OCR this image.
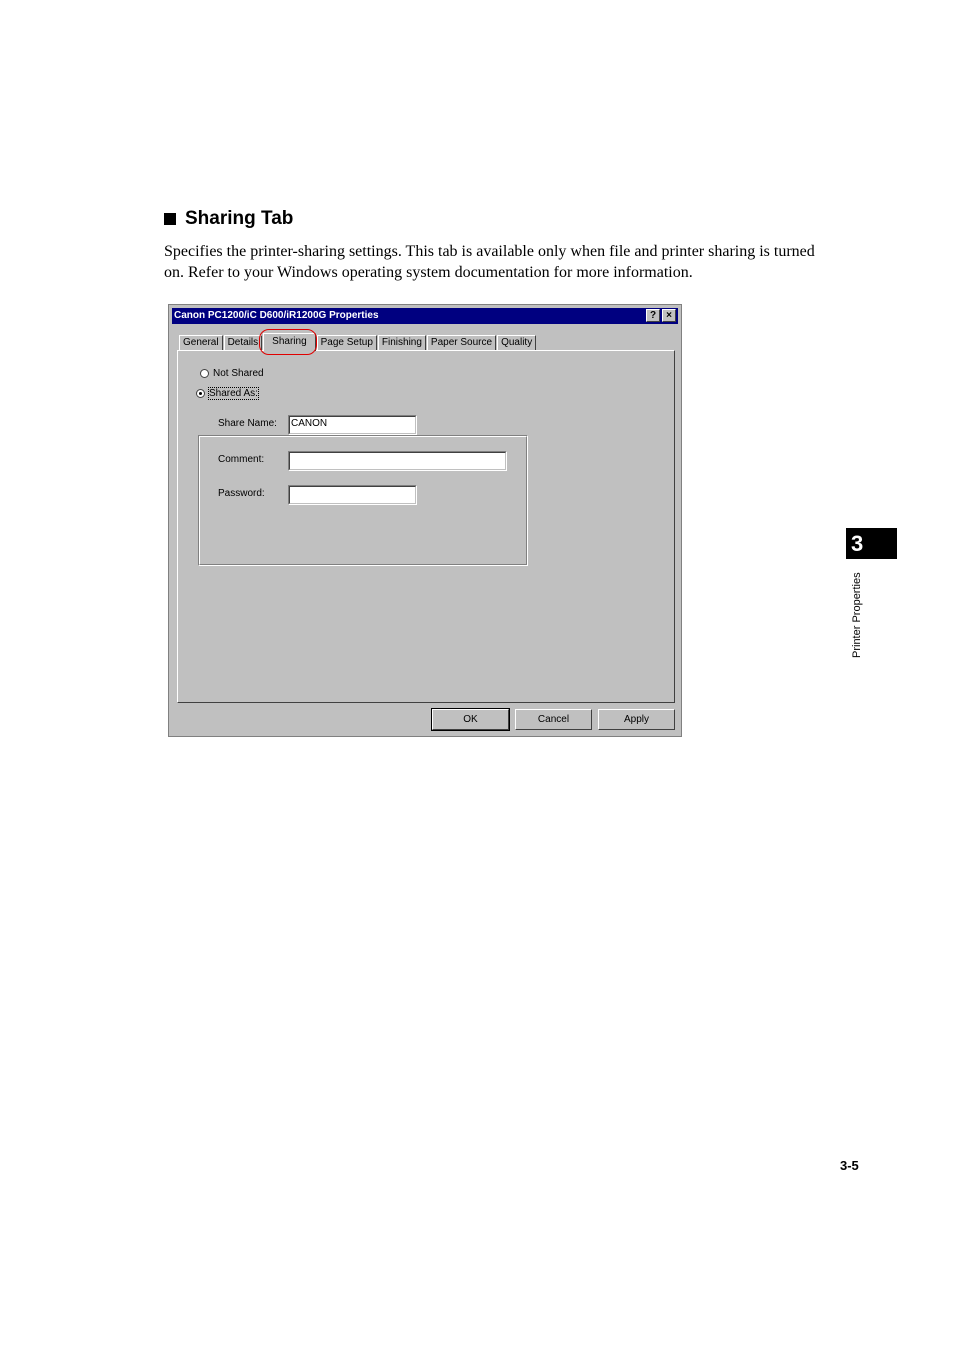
Sharing Tab

Specifies the printer-sharing settings. This tab is available only when file and printer sharing is turned on. Refer to your Windows operating system documentation for more information.

Canon PC1200/iC D600/iR1200G Properties	?	×
General Details	Sharing	Page Setup Finishing Paper Source Quality
Not Shared
Shared As:
Share Name:	CANON
Comment:
Password:
OK	Cancel	Apply
3
Printer Properties
3-5
